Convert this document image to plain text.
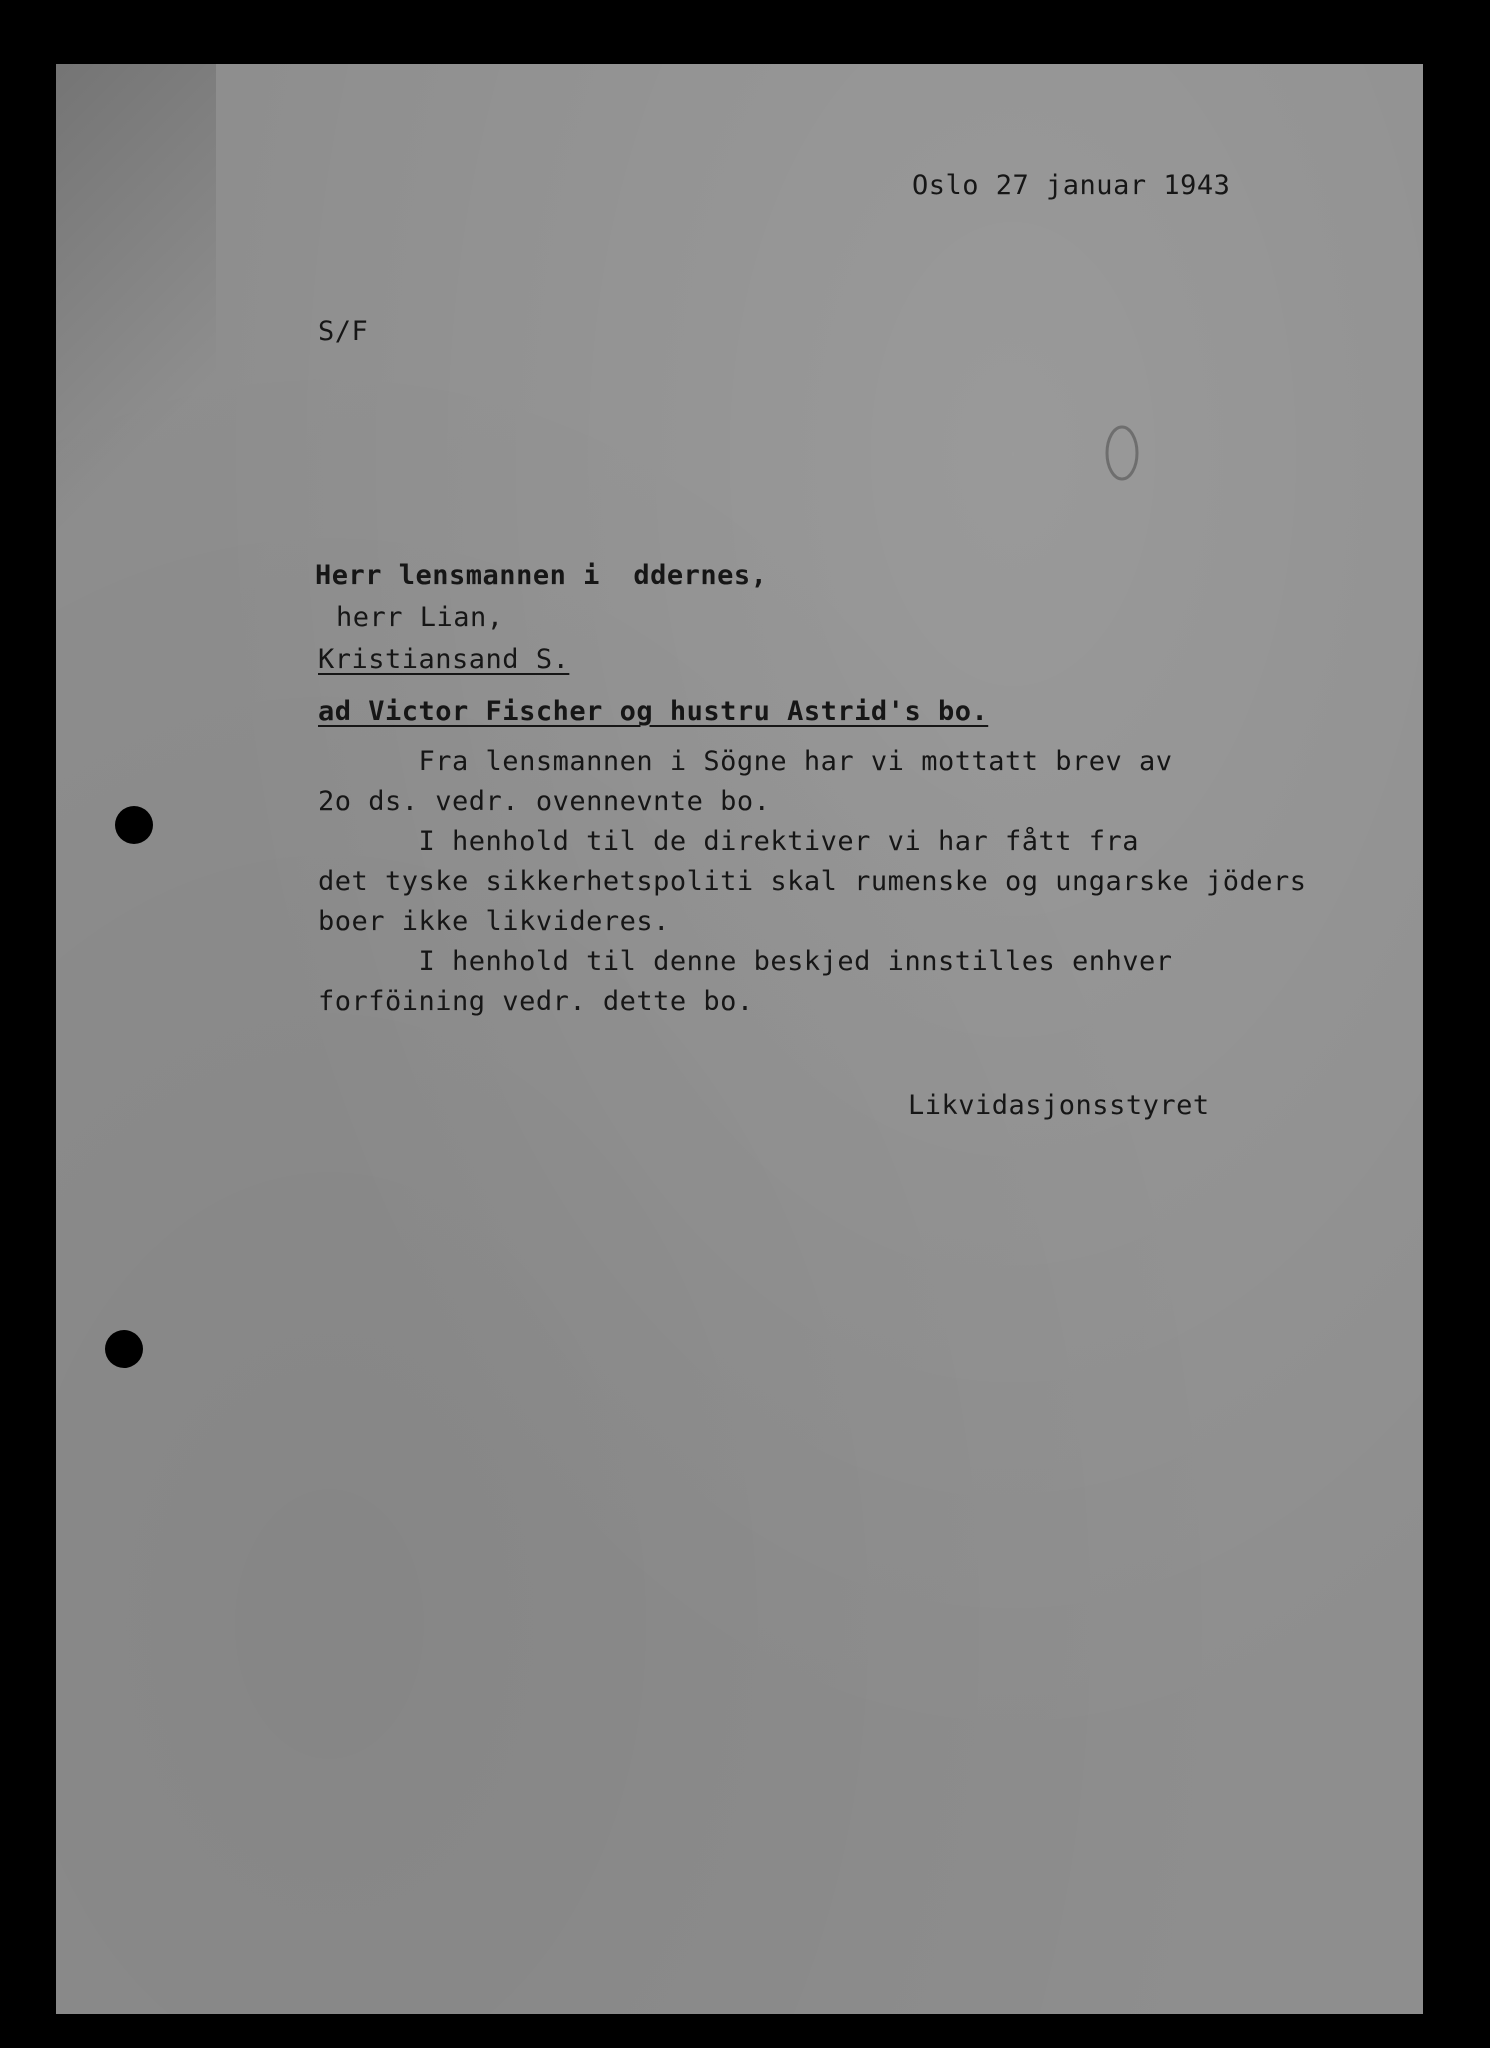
Oslo 27 januar 1943
S/F
Herr lensmannen i  ddernes,
herr Lian,
Kristiansand S.
ad Victor Fischer og hustru Astrid's bo.
Fra lensmannen i Sögne har vi mottatt brev av
2o ds. vedr. ovennevnte bo.
I henhold til de direktiver vi har fått fra
det tyske sikkerhetspoliti skal rumenske og ungarske jöders
boer ikke likvideres.
I henhold til denne beskjed innstilles enhver
forföining vedr. dette bo.
Likvidasjonsstyret
